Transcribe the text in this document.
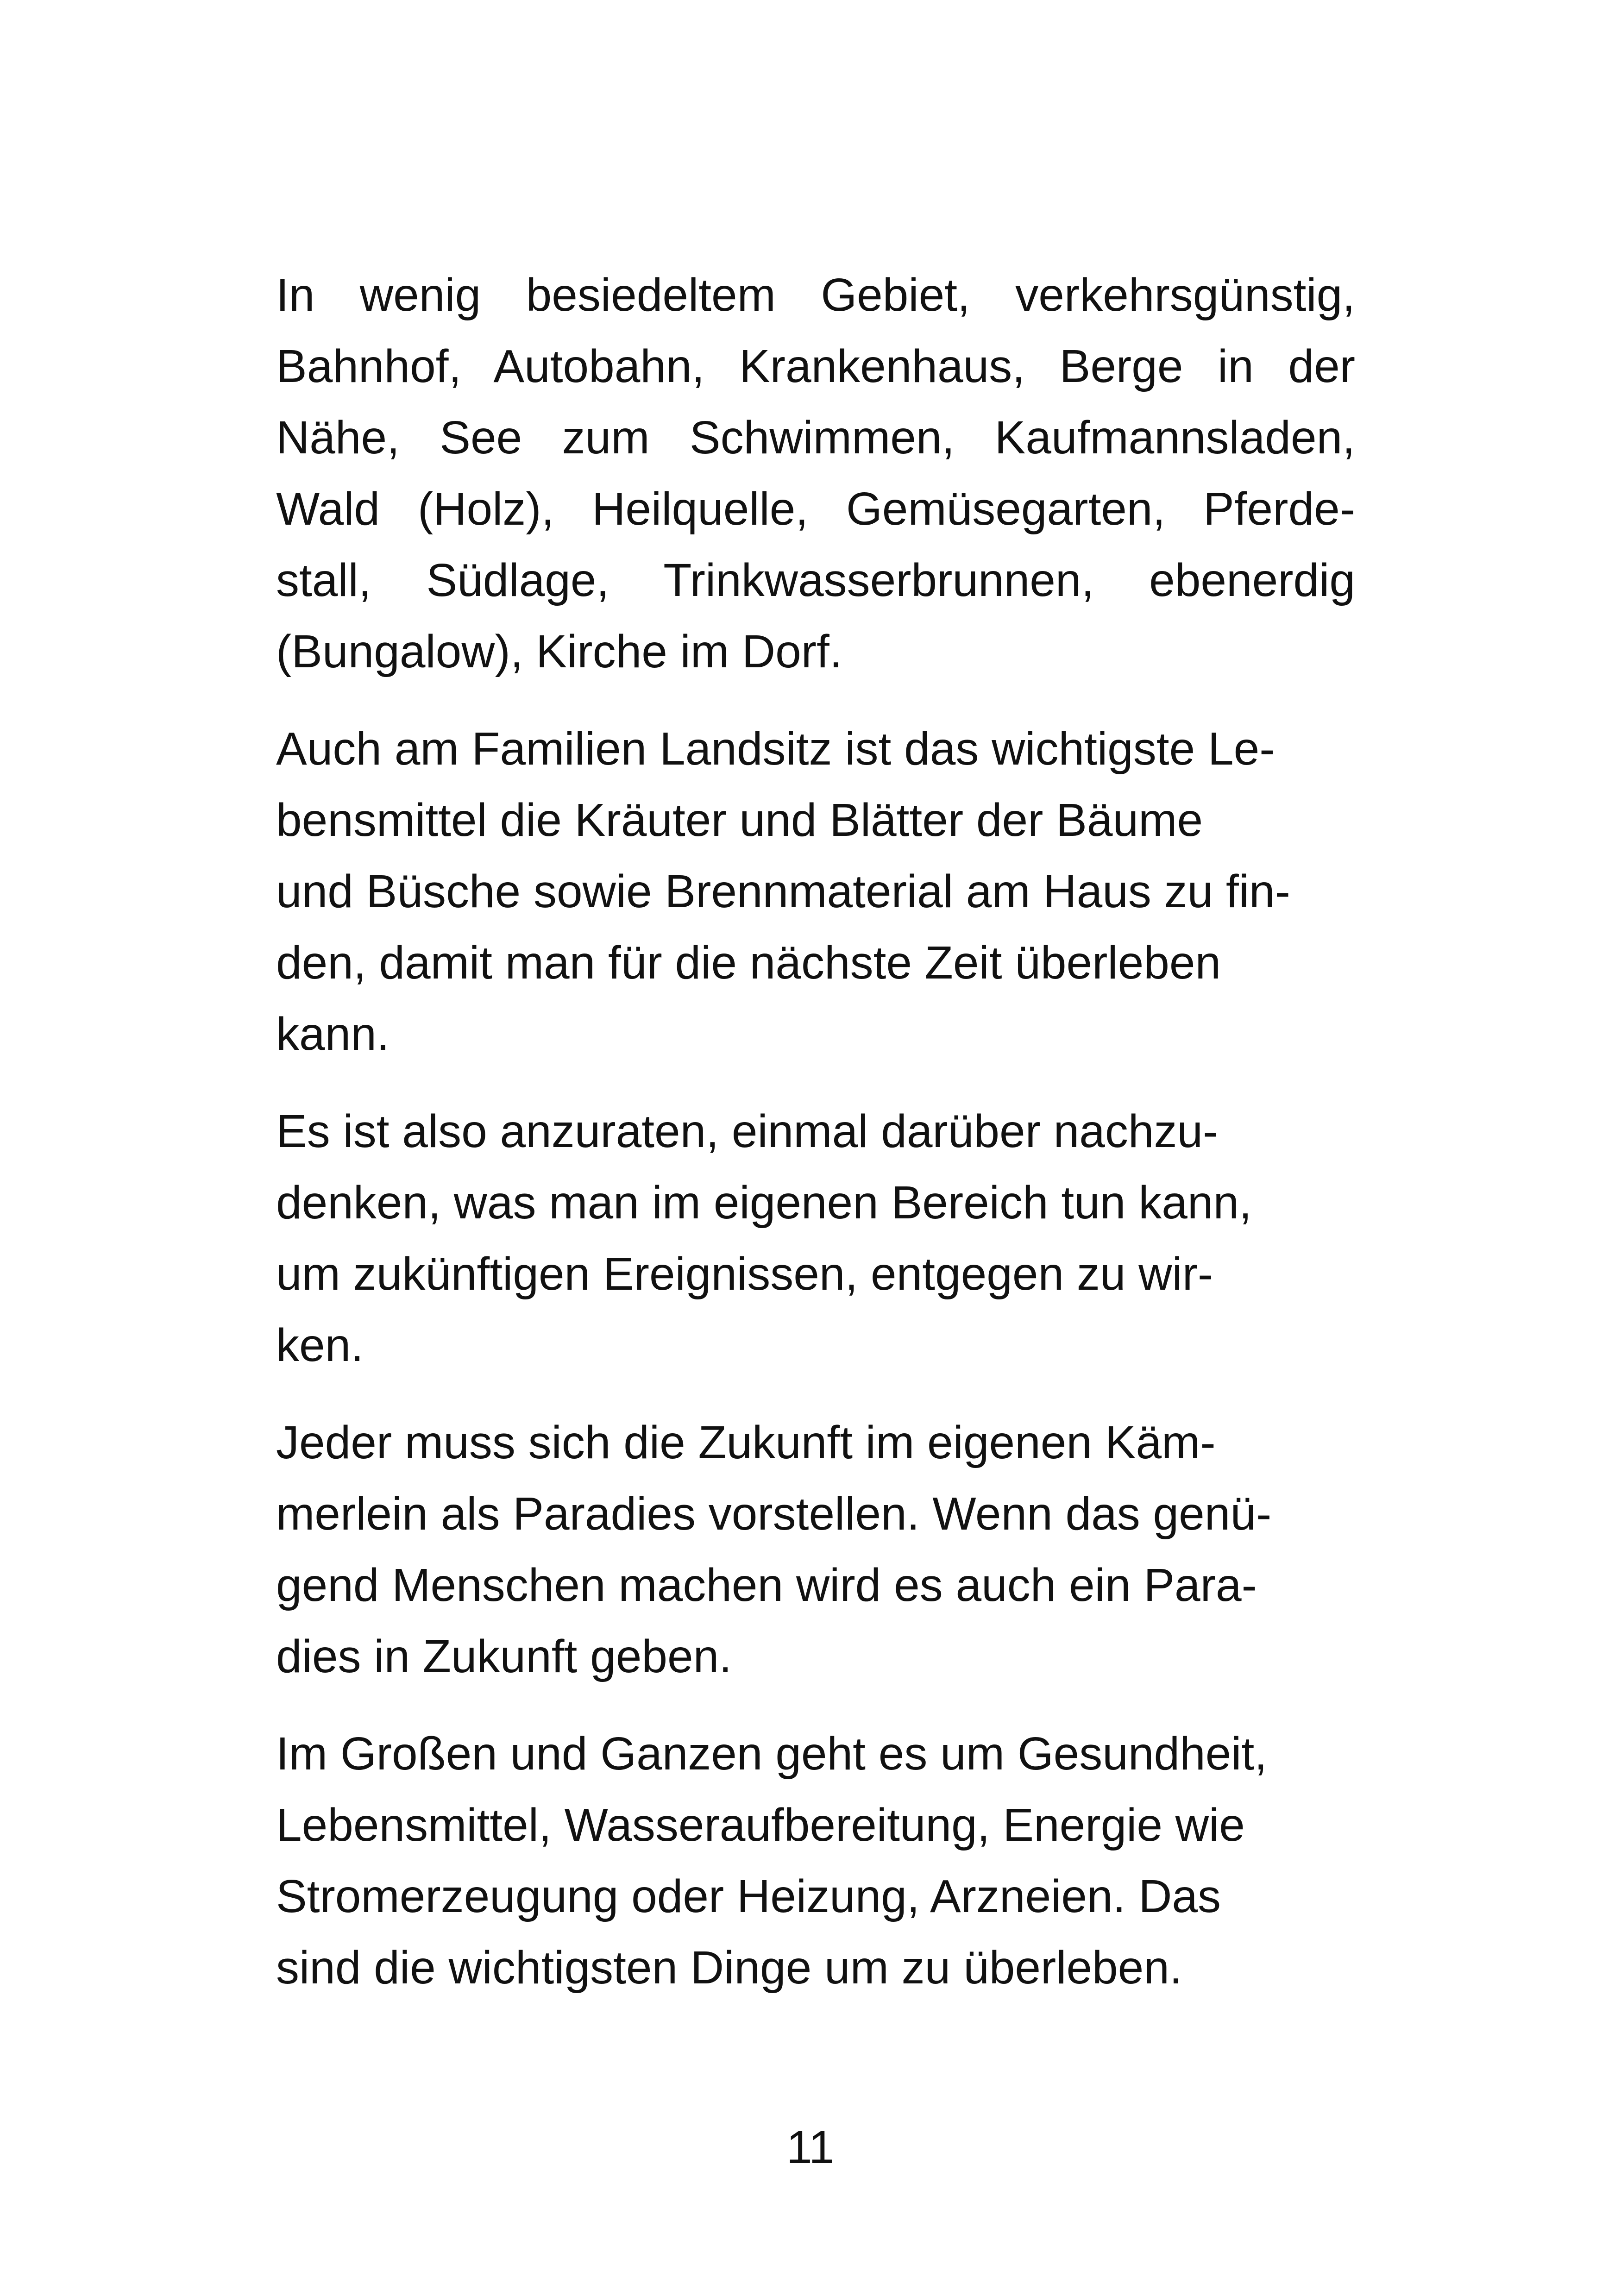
In wenig besiedeltem Gebiet, verkehrsgünstig,
Bahnhof, Autobahn, Krankenhaus, Berge in der
Nähe, See zum Schwimmen, Kaufmannsladen,
Wald (Holz), Heilquelle, Gemüsegarten, Pferde-
stall, Südlage, Trinkwasserbrunnen, ebenerdig
(Bungalow), Kirche im Dorf.

Auch am Familien Landsitz ist das wichtigste Le-
bensmittel die Kräuter und Blätter der Bäume
und Büsche sowie Brennmaterial am Haus zu fin-
den, damit man für die nächste Zeit überleben
kann.

Es ist also anzuraten, einmal darüber nachzu-
denken, was man im eigenen Bereich tun kann,
um zukünftigen Ereignissen, entgegen zu wir-
ken.

Jeder muss sich die Zukunft im eigenen Käm-
merlein als Paradies vorstellen. Wenn das genü-
gend Menschen machen wird es auch ein Para-
dies in Zukunft geben.

Im Großen und Ganzen geht es um Gesundheit,
Lebensmittel, Wasseraufbereitung, Energie wie
Stromerzeugung oder Heizung, Arzneien. Das
sind die wichtigsten Dinge um zu überleben.

11
